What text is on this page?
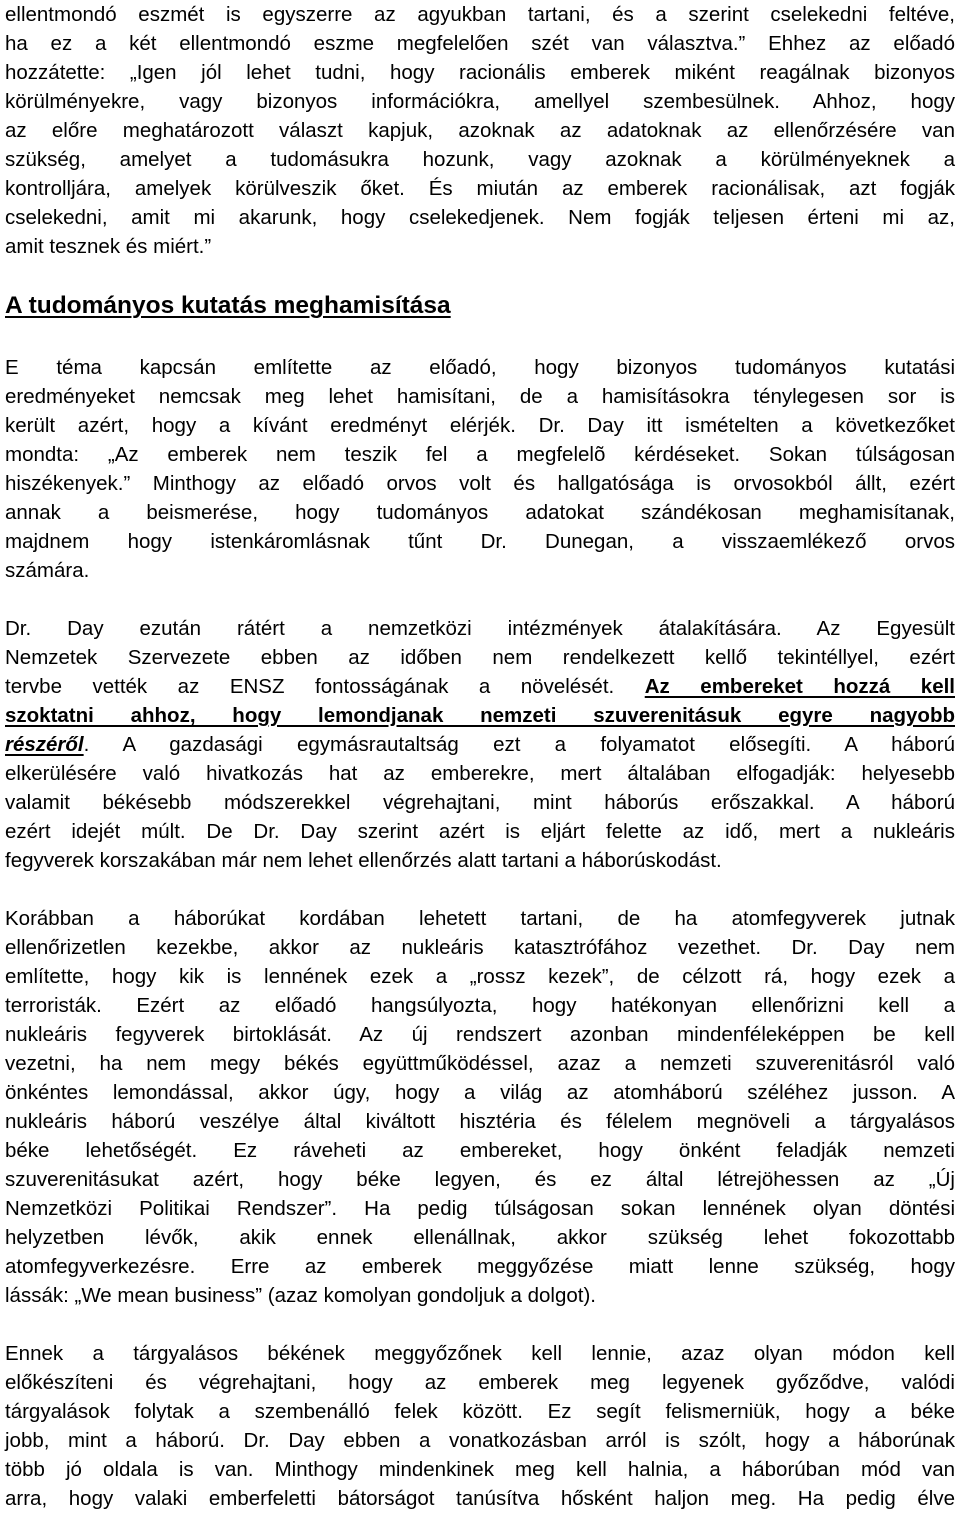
ellentmondó eszmét is egyszerre az agyukban tartani, és a szerint cselekedni feltéve,
ha ez a két ellentmondó eszme megfelelően szét van választva.” Ehhez az előadó
hozzátette: „Igen jól lehet tudni, hogy racionális emberek miként reagálnak bizonyos
körülményekre, vagy bizonyos információkra, amellyel szembesülnek. Ahhoz, hogy
az előre meghatározott választ kapjuk, azoknak az adatoknak az ellenőrzésére van
szükség, amelyet a tudomásukra hozunk, vagy azoknak a körülményeknek a
kontrolljára, amelyek körülveszik őket. És miután az emberek racionálisak, azt fogják
cselekedni, amit mi akarunk, hogy cselekedjenek. Nem fogják teljesen érteni mi az,
amit tesznek és miért.”
A tudományos kutatás meghamisítása
E téma kapcsán említette az előadó, hogy bizonyos tudományos kutatási
eredményeket nemcsak meg lehet hamisítani, de a hamisításokra ténylegesen sor is
került azért, hogy a kívánt eredményt elérjék. Dr. Day itt ismételten a következőket
mondta: „Az emberek nem teszik fel a megfelelõ kérdéseket. Sokan túlságosan
hiszékenyek.” Minthogy az előadó orvos volt és hallgatósága is orvosokból állt, ezért
annak a beismerése, hogy tudományos adatokat szándékosan meghamisítanak,
majdnem hogy istenkáromlásnak tűnt Dr. Dunegan, a visszaemlékező orvos
számára.
Dr. Day ezután rátért a nemzetközi intézmények átalakítására. Az Egyesült
Nemzetek Szervezete ebben az időben nem rendelkezett kellő tekintéllyel, ezért
tervbe vették az ENSZ fontosságának a növelését. Az embereket hozzá kell
szoktatni ahhoz, hogy lemondjanak nemzeti szuverenitásuk egyre nagyobb
részéről. A gazdasági egymásrautaltság ezt a folyamatot elősegíti. A háború
elkerülésére való hivatkozás hat az emberekre, mert általában elfogadják: helyesebb
valamit békésebb módszerekkel végrehajtani, mint háborús erőszakkal. A háború
ezért idejét múlt. De Dr. Day szerint azért is eljárt felette az idő, mert a nukleáris
fegyverek korszakában már nem lehet ellenőrzés alatt tartani a háborúskodást.
Korábban a háborúkat kordában lehetett tartani, de ha atomfegyverek jutnak
ellenőrizetlen kezekbe, akkor az nukleáris katasztrófához vezethet. Dr. Day nem
említette, hogy kik is lennének ezek a „rossz kezek”, de célzott rá, hogy ezek a
terroristák. Ezért az előadó hangsúlyozta, hogy hatékonyan ellenőrizni kell a
nukleáris fegyverek birtoklását. Az új rendszert azonban mindenféleképpen be kell
vezetni, ha nem megy békés együttműködéssel, azaz a nemzeti szuverenitásról való
önkéntes lemondással, akkor úgy, hogy a világ az atomháború széléhez jusson. A
nukleáris háború veszélye által kiváltott hisztéria és félelem megnöveli a tárgyalásos
béke lehetőségét. Ez ráveheti az embereket, hogy önként feladják nemzeti
szuverenitásukat azért, hogy béke legyen, és ez által létrejöhessen az „Új
Nemzetközi Politikai Rendszer”. Ha pedig túlságosan sokan lennének olyan döntési
helyzetben lévők, akik ennek ellenállnak, akkor szükség lehet fokozottabb
atomfegyverkezésre. Erre az emberek meggyőzése miatt lenne szükség, hogy
lássák: „We mean business” (azaz komolyan gondoljuk a dolgot).
Ennek a tárgyalásos békének meggyőzőnek kell lennie, azaz olyan módon kell
előkészíteni és végrehajtani, hogy az emberek meg legyenek győződve, valódi
tárgyalások folytak a szembenálló felek között. Ez segít felismerniük, hogy a béke
jobb, mint a háború. Dr. Day ebben a vonatkozásban arról is szólt, hogy a háborúnak
több jó oldala is van. Minthogy mindenkinek meg kell halnia, a háborúban mód van
arra, hogy valaki emberfeletti bátorságot tanúsítva hősként haljon meg. Ha pedig élve
